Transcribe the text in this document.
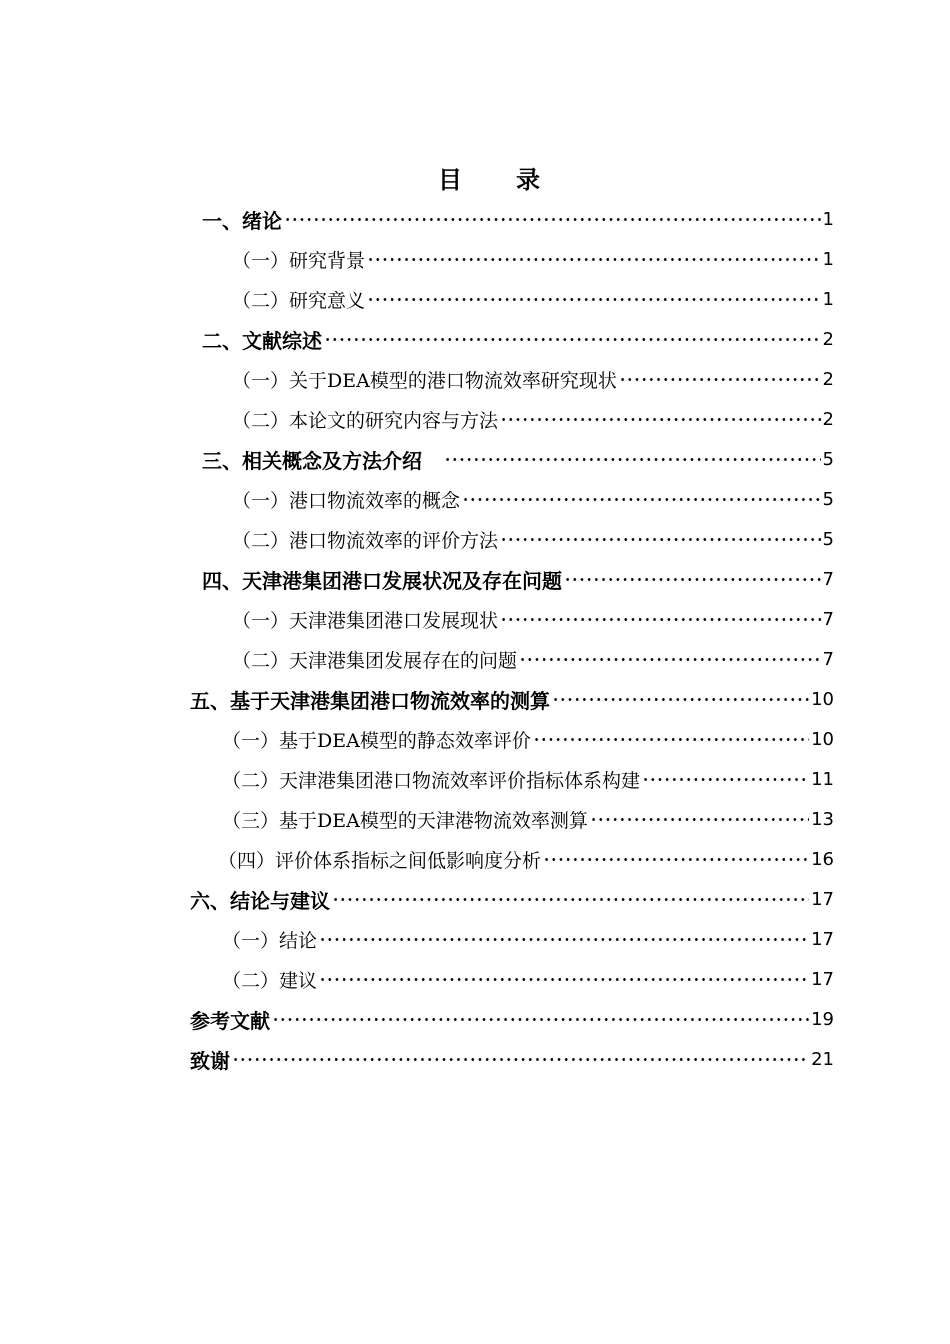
目 录
一、绪论	1
（一）研究背景	1
（二）研究意义	1
二、文献综述	2
（一）关于DEA模型的港口物流效率研究现状	2
（二）本论文的研究内容与方法	2
三、相关概念及方法介绍	5
（一）港口物流效率的概念	5
（二）港口物流效率的评价方法	5
四、天津港集团港口发展状况及存在问题	7
（一）天津港集团港口发展现状	7
（二）天津港集团发展存在的问题	7
五、基于天津港集团港口物流效率的测算	10
（一）基于DEA模型的静态效率评价	10
（二）天津港集团港口物流效率评价指标体系构建	11
（三）基于DEA模型的天津港物流效率测算	13
（四）评价体系指标之间低影响度分析	16
六、结论与建议	17
（一）结论	17
（二）建议	17
参考文献	19
致谢	21
